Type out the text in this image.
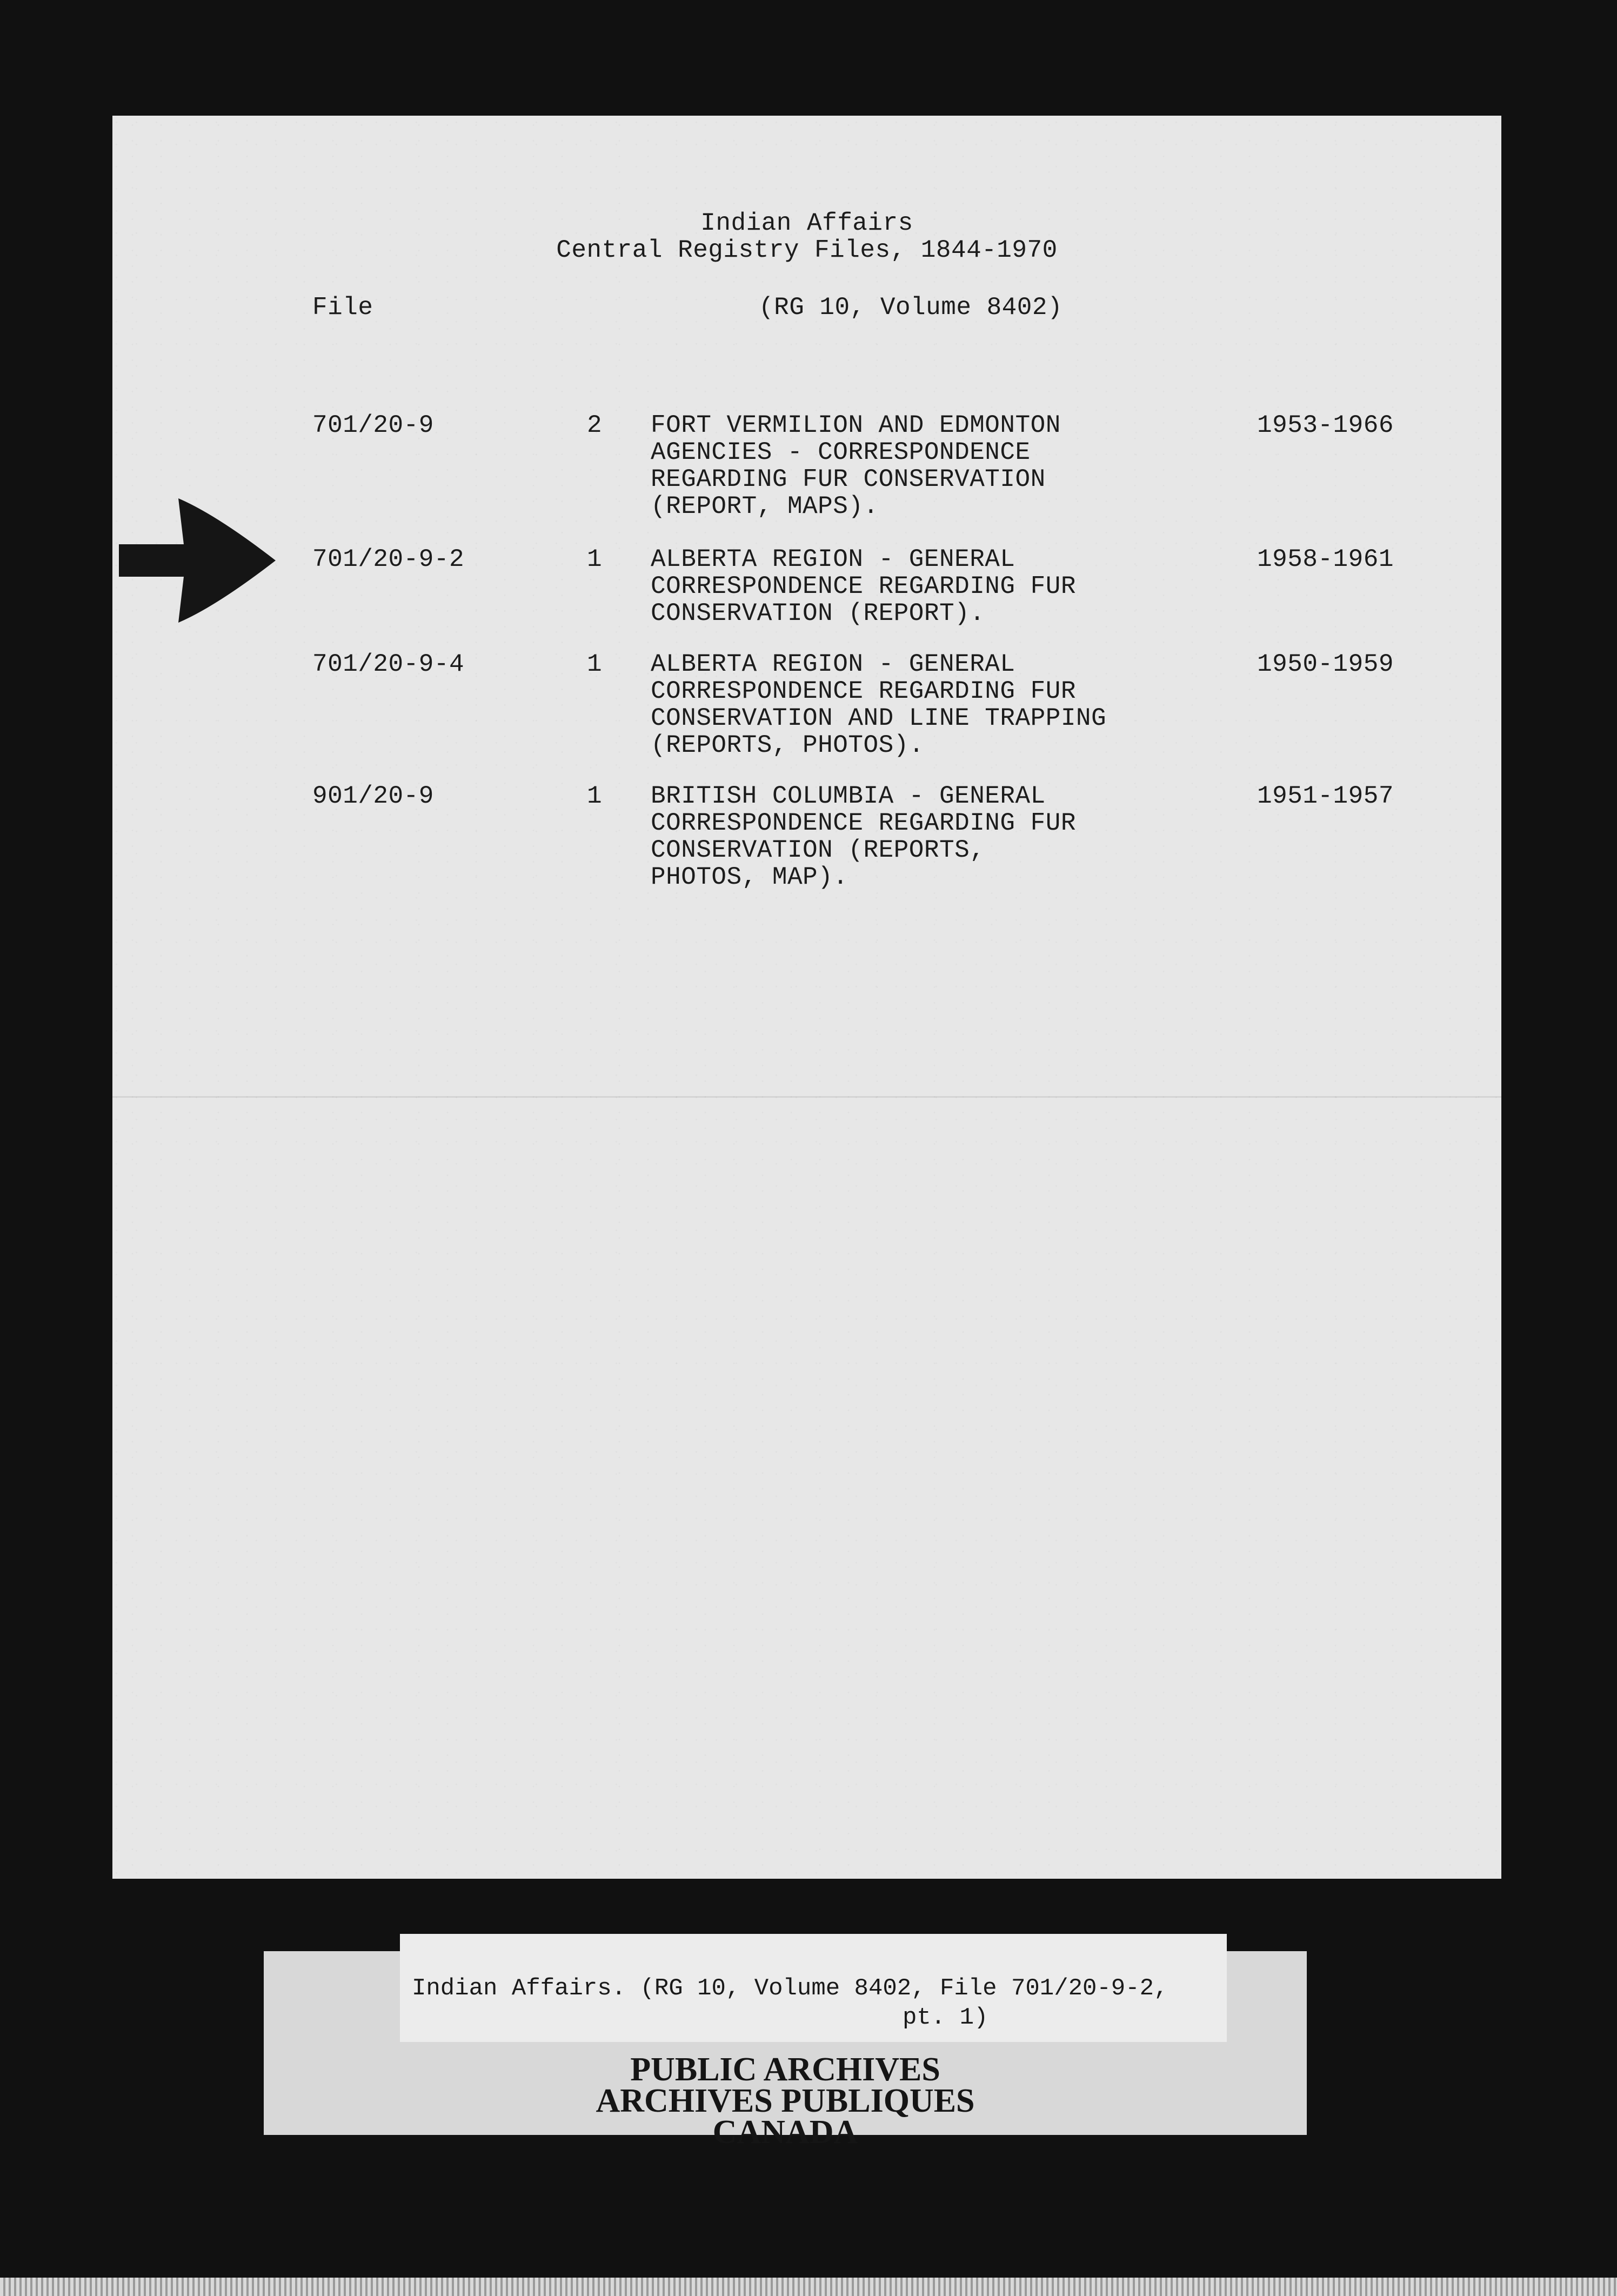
Indian Affairs
Central Registry Files, 1844-1970
File	(RG 10, Volume 8402)
701/20-9	2 FORT VERMILION AND EDMONTON
AGENCIES - CORRESPONDENCE
REGARDING FUR CONSERVATION
(REPORT, MAPS).
1953-1966
701/20-9-2	1 ALBERTA REGION - GENERAL
CORRESPONDENCE REGARDING FUR
CONSERVATION (REPORT).
1958-1961
701/20-9-4	1 ALBERTA REGION - GENERAL
CORRESPONDENCE REGARDING FUR
CONSERVATION AND LINE TRAPPING
(REPORTS, PHOTOS).
1950-1959
901/20-9	1 BRITISH COLUMBIA - GENERAL
CORRESPONDENCE REGARDING FUR
CONSERVATION (REPORTS,
PHOTOS, MAP).
1951-1957
Indian Affairs. (RG 10, Volume 8402, File 701/20-9-2,
pt. 1)
PUBLIC ARCHIVES
ARCHIVES PUBLIQUES
CANADA
